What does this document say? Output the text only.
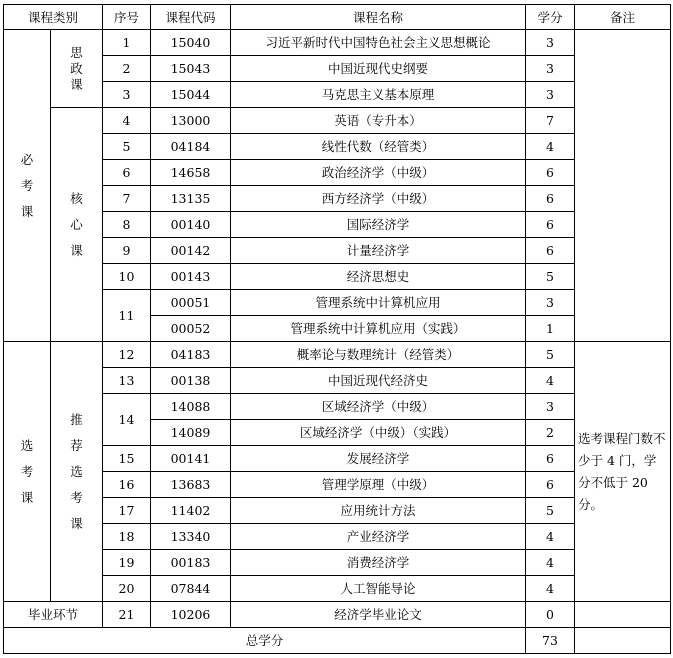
课程类别		序号	课程代码	课程名称	学分	备注
必考课	思政课	1	15040	习近平新时代中国特色社会主义思想概论	3	
		2	15043	中国近现代史纲要	3	
		3	15044	马克思主义基本原理	3	
	核心课	4	13000	英语（专升本）	7	
		5	04184	线性代数（经管类）	4	
		6	14658	政治经济学（中级）	6	
		7	13135	西方经济学（中级）	6	
		8	00140	国际经济学	6	
		9	00142	计量经济学	6	
		10	00143	经济思想史	5	
		11	00051	管理系统中计算机应用	3	
			00052	管理系统中计算机应用（实践）	1	
选考课	推荐选考课	12	04183	概率论与数理统计（经管类）	5	选考课程门数不少于 4 门，学分不低于 20 分。
		13	00138	中国近现代经济史	4	
		14	14088	区域经济学（中级）	3	
			14089	区域经济学（中级）（实践）	2	
		15	00141	发展经济学	6	
		16	13683	管理学原理（中级）	6	
		17	11402	应用统计方法	5	
		18	13340	产业经济学	4	
		19	00183	消费经济学	4	
		20	07844	人工智能导论	4	
毕业环节		21	10206	经济学毕业论文	0	
总学分					73	
